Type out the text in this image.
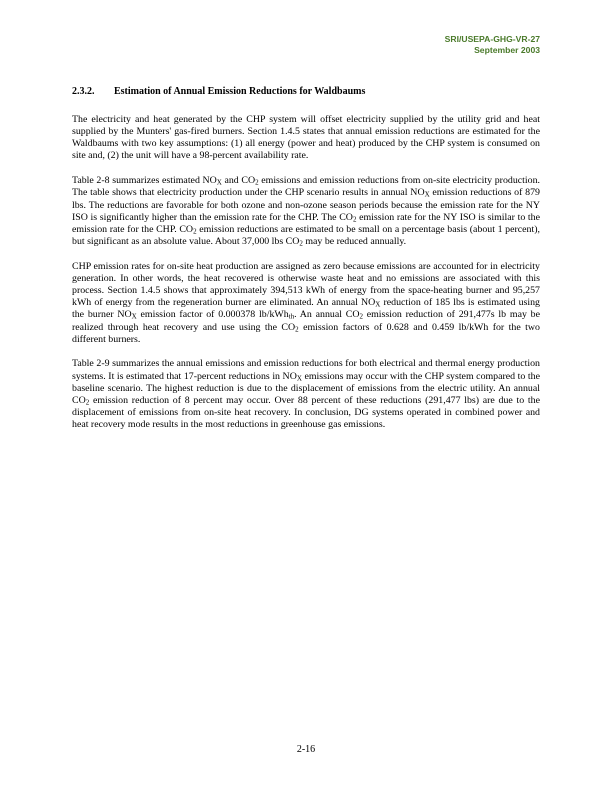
SRI/USEPA-GHG-VR-27
September 2003
2.3.2. Estimation of Annual Emission Reductions for Waldbaums

The electricity and heat generated by the CHP system will offset electricity supplied by the utility grid and heat supplied by the Munters' gas-fired burners. Section 1.4.5 states that annual emission reductions are estimated for the Waldbaums with two key assumptions: (1) all energy (power and heat) produced by the CHP system is consumed on site and, (2) the unit will have a 98-percent availability rate.

Table 2-8 summarizes estimated $NO_X$ and $CO_2$ emissions and emission reductions from on-site electricity production. The table shows that electricity production under the CHP scenario results in annual $NO_X$ emission reductions of 879 lbs. The reductions are favorable for both ozone and non-ozone season periods because the emission rate for the NY ISO is significantly higher than the emission rate for the CHP. The $CO_2$ emission rate for the NY ISO is similar to the emission rate for the CHP. $CO_2$ emission reductions are estimated to be small on a percentage basis (about 1 percent), but significant as an absolute value. About 37,000 lbs $CO_2$ may be reduced annually.

CHP emission rates for on-site heat production are assigned as zero because emissions are accounted for in electricity generation. In other words, the heat recovered is otherwise waste heat and no emissions are associated with this process. Section 1.4.5 shows that approximately 394,513 kWh of energy from the space-heating burner and 95,257 kWh of energy from the regeneration burner are eliminated. An annual $NO_X$ reduction of 185 lbs is estimated using the burner $NO_X$ emission factor of 0.000378 lb/kWh$_{th}$. An annual $CO_2$ emission reduction of 291,477s lb may be realized through heat recovery and use using the $CO_2$ emission factors of 0.628 and 0.459 lb/kWh for the two different burners.

Table 2-9 summarizes the annual emissions and emission reductions for both electrical and thermal energy production systems. It is estimated that 17-percent reductions in $NO_X$ emissions may occur with the CHP system compared to the baseline scenario. The highest reduction is due to the displacement of emissions from the electric utility. An annual $CO_2$ emission reduction of 8 percent may occur. Over 88 percent of these reductions (291,477 lbs) are due to the displacement of emissions from on-site heat recovery. In conclusion, DG systems operated in combined power and heat recovery mode results in the most reductions in greenhouse gas emissions.

2-16
